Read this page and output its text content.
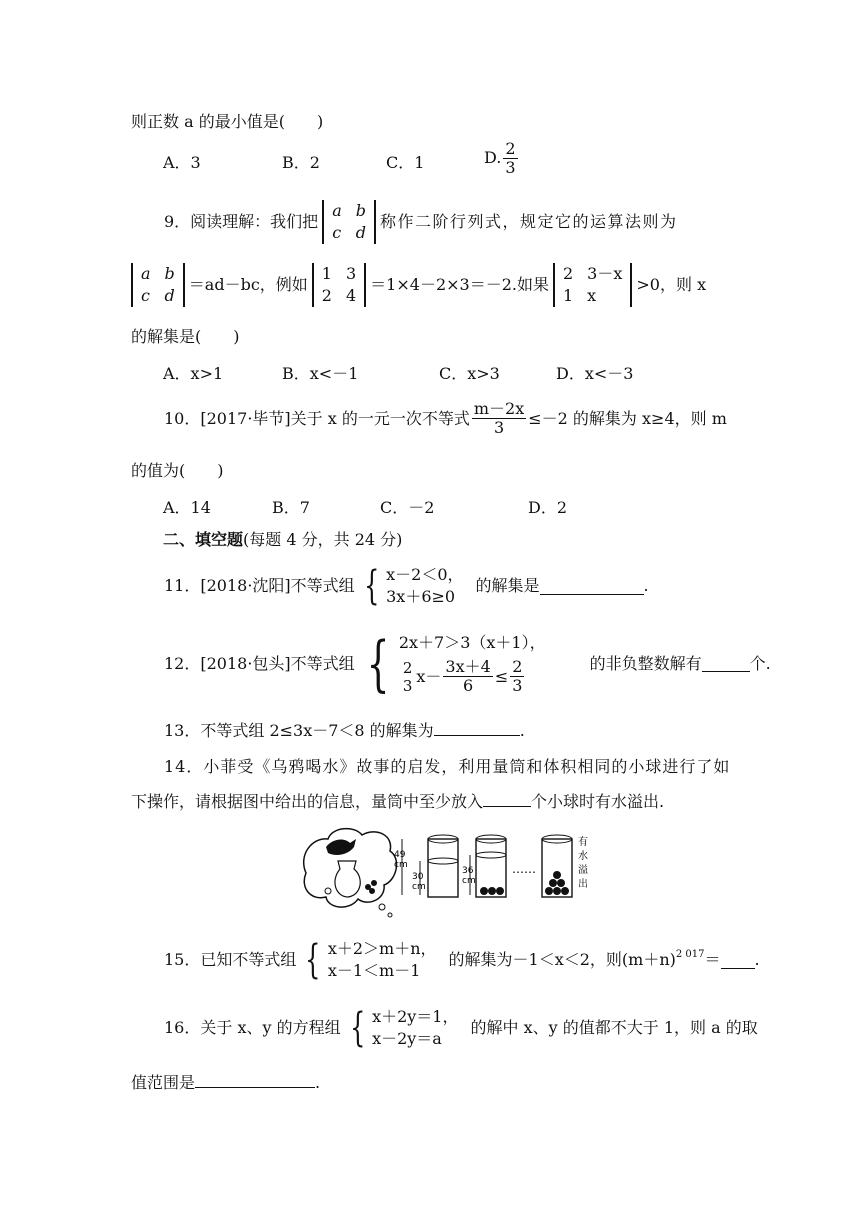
则正数 a 的最小值是(　　)
A．3	B．2	C．1	D. $\frac{2}{3}$
9．阅读理解：我们把
a b
c d
称作二阶行列式，规定它的运算法则为
a b
c d
＝ad－bc，例如
1 3
2 4
＝1×4－2×3＝－2.如果
2 3－x
1 x
>0，则 x
的解集是(　　)
A．x>1	B．x<－1	C．x>3	D．x<－3
10．[2017·毕节]关于 x 的一元一次不等式 $\frac{m-2x}{3} \le-2$ 的解集为 x≥4，则 m
的值为(　　)
A．14	B．7	C．－2	D．2
二、填空题(每题 4 分，共 24 分)
11．[2018·沈阳]不等式组 { x－2＜0，
3x＋6≥0
的解集是	.
12．[2018·包头]不等式组 { 2x＋7＞3（x＋1），
2
3 $x- \frac{3x+4}{6} \le \frac{2}{3}$	的非负整数解有	个.
13．不等式组 2≤3x－7＜8 的解集为	.
14．小菲受《乌鸦喝水》故事的启发，利用量筒和体积相同的小球进行了如
下操作，请根据图中给出的信息，量筒中至少放入	个小球时有水溢出.
49
cm
30
cm
36
cm
……
有
水
溢
出
15．已知不等式组 { x＋2＞m＋n，
x－1＜m－1
的解集为－1＜x＜2，则$(m+n)^{2 017}$ ＝ .
16．关于 x、y 的方程组 { x＋2y＝1，
x－2y＝a
的解中 x、y 的值都不大于 1，则 a 的取
值范围是	.
